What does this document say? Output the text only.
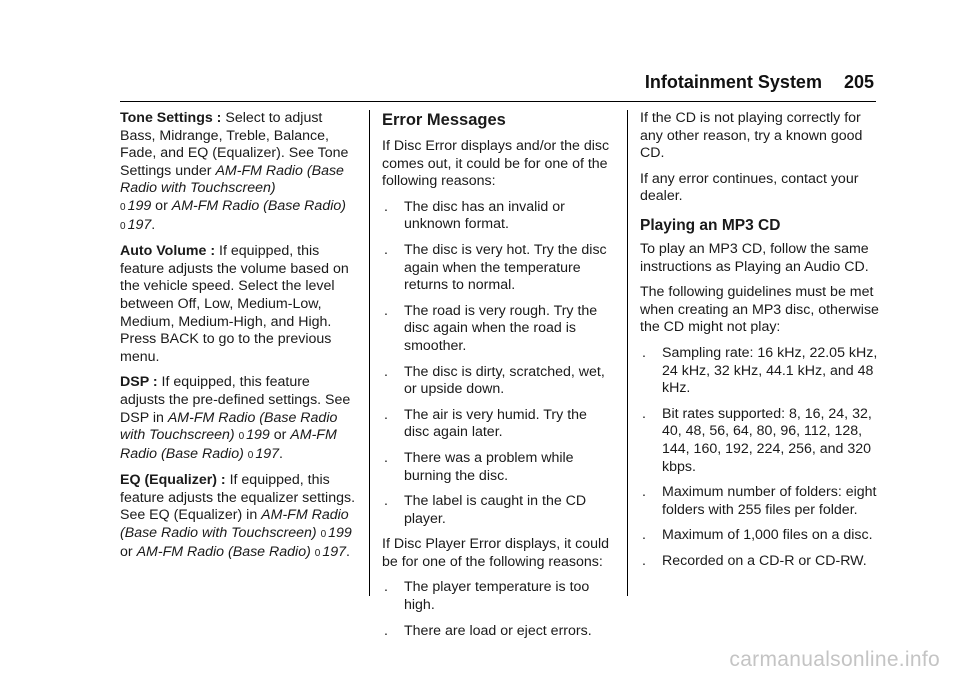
Infotainment System 205

Tone Settings : Select to adjust Bass, Midrange, Treble, Balance, Fade, and EQ (Equalizer). See Tone Settings under AM-FM Radio (Base Radio with Touchscreen)
0 199 or AM-FM Radio (Base Radio) 0 197.

Auto Volume : If equipped, this feature adjusts the volume based on the vehicle speed. Select the level between Off, Low, Medium-Low, Medium, Medium-High, and High. Press BACK to go to the previous menu.

DSP : If equipped, this feature adjusts the pre-defined settings. See DSP in AM-FM Radio (Base Radio with Touchscreen) 0 199 or AM-FM Radio (Base Radio) 0 197.

EQ (Equalizer) : If equipped, this feature adjusts the equalizer settings. See EQ (Equalizer) in AM-FM Radio (Base Radio with Touchscreen) 0 199 or AM-FM Radio (Base Radio) 0 197.

Error Messages

If Disc Error displays and/or the disc comes out, it could be for one of the following reasons:

. The disc has an invalid or unknown format.
. The disc is very hot. Try the disc again when the temperature returns to normal.
. The road is very rough. Try the disc again when the road is smoother.
. The disc is dirty, scratched, wet, or upside down.
. The air is very humid. Try the disc again later.
. There was a problem while burning the disc.
. The label is caught in the CD player.

If Disc Player Error displays, it could be for one of the following reasons:

. The player temperature is too high.
. There are load or eject errors.

If the CD is not playing correctly for any other reason, try a known good CD.

If any error continues, contact your dealer.

Playing an MP3 CD

To play an MP3 CD, follow the same instructions as Playing an Audio CD.

The following guidelines must be met when creating an MP3 disc, otherwise the CD might not play:

. Sampling rate: 16 kHz, 22.05 kHz, 24 kHz, 32 kHz, 44.1 kHz, and 48 kHz.
. Bit rates supported: 8, 16, 24, 32, 40, 48, 56, 64, 80, 96, 112, 128, 144, 160, 192, 224, 256, and 320 kbps.
. Maximum number of folders: eight folders with 255 files per folder.
. Maximum of 1,000 files on a disc.
. Recorded on a CD-R or CD-RW.
carmanualsonline.info
